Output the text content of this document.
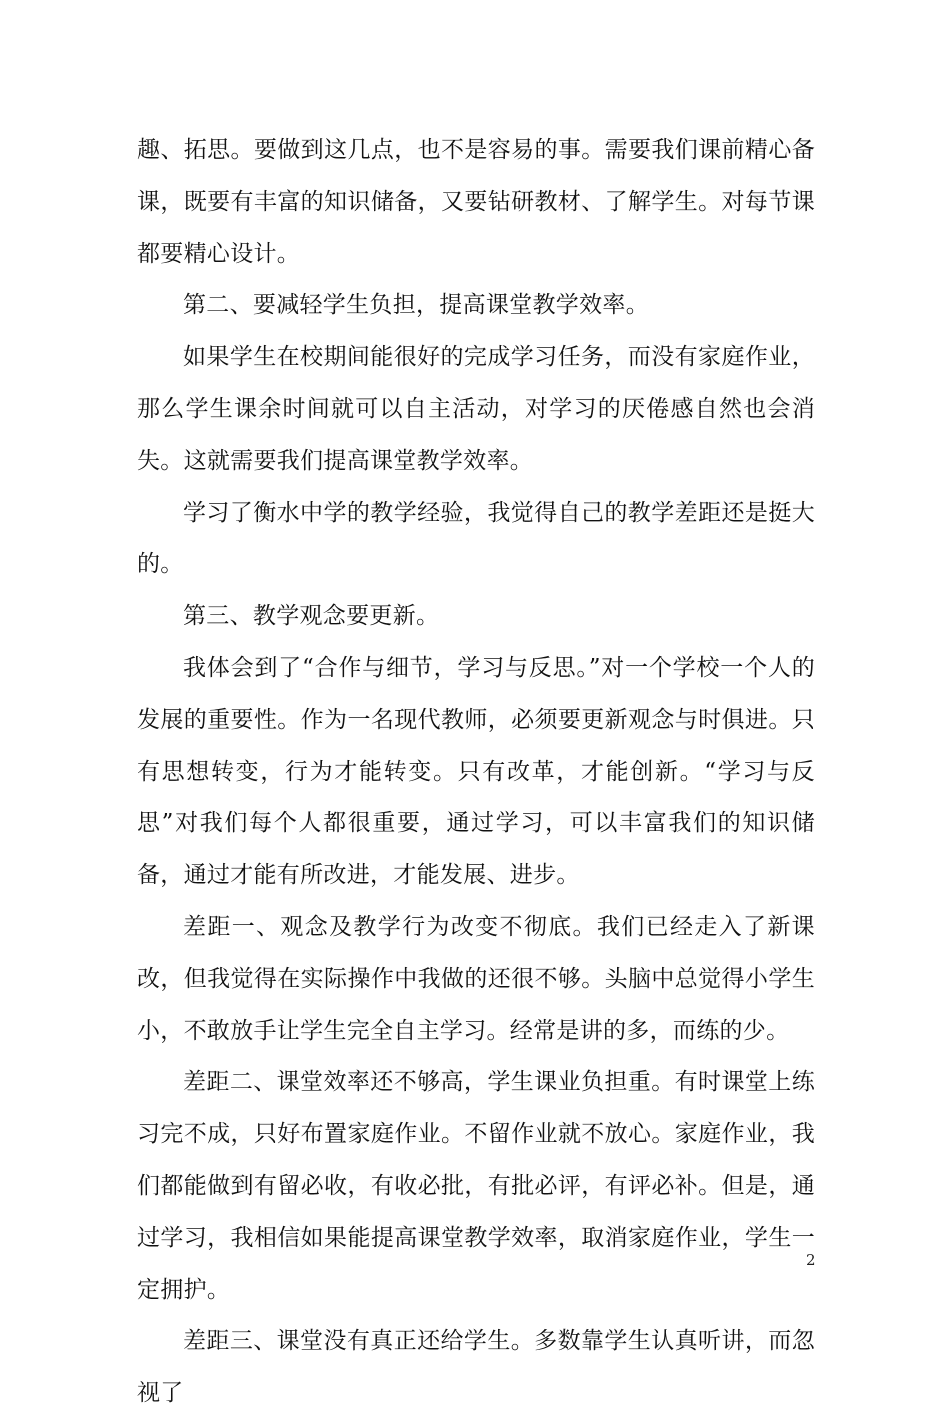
趣、拓思。要做到这几点，也不是容易的事。需要我们课前精心备课，既要有丰富的知识储备，又要钻研教材、了解学生。对每节课都要精心设计。

第二、要减轻学生负担，提高课堂教学效率。

如果学生在校期间能很好的完成学习任务，而没有家庭作业，那么学生课余时间就可以自主活动，对学习的厌倦感自然也会消失。这就需要我们提高课堂教学效率。

学习了衡水中学的教学经验，我觉得自己的教学差距还是挺大的。

第三、教学观念要更新。

我体会到了“合作与细节，学习与反思。”对一个学校一个人的发展的重要性。作为一名现代教师，必须要更新观念与时俱进。只有思想转变，行为才能转变。只有改革，才能创新。“学习与反思”对我们每个人都很重要，通过学习，可以丰富我们的知识储备，通过才能有所改进，才能发展、进步。

差距一、观念及教学行为改变不彻底。我们已经走入了新课改，但我觉得在实际操作中我做的还很不够。头脑中总觉得小学生小，不敢放手让学生完全自主学习。经常是讲的多，而练的少。

差距二、课堂效率还不够高，学生课业负担重。有时课堂上练习完不成，只好布置家庭作业。不留作业就不放心。家庭作业，我们都能做到有留必收，有收必批，有批必评，有评必补。但是，通过学习，我相信如果能提高课堂教学效率，取消家庭作业，学生一定拥护。

差距三、课堂没有真正还给学生。多数靠学生认真听讲，而忽视了

2
